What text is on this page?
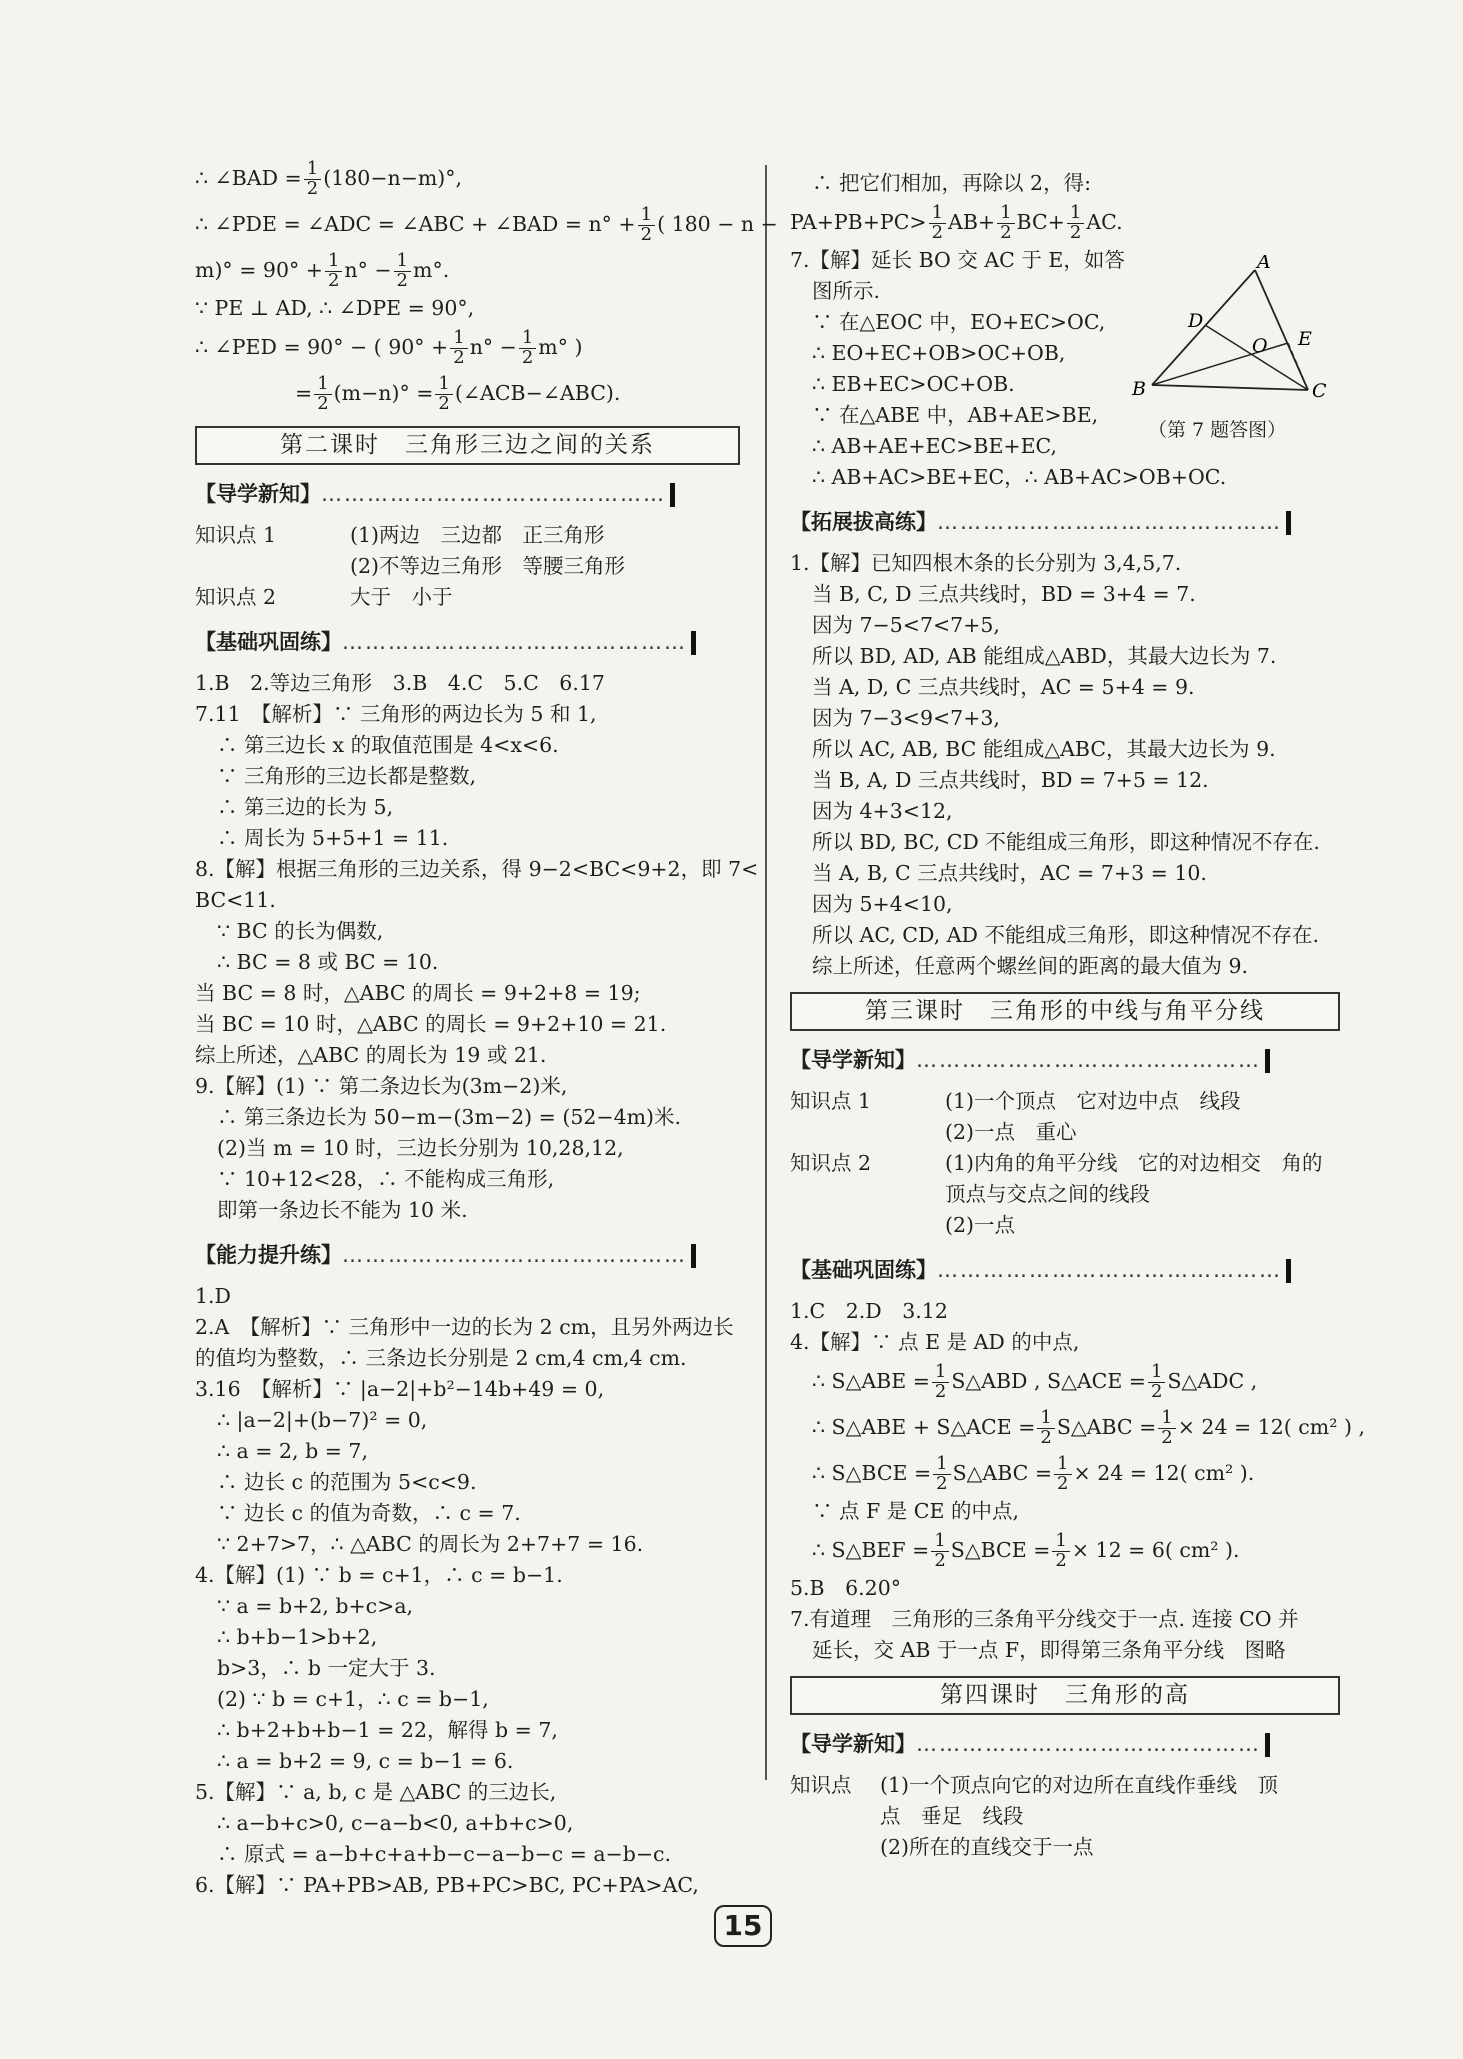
∴ ∠BAD = $\frac{1}{2} (180-n-m)^\circ$,
∴ ∠PDE = ∠ADC = ∠ABC + ∠BAD = $n^\circ + \frac{1}{2}$ ( 180 − n −
$m)^\circ = 90^\circ + \frac{1}{2} n^\circ - \frac{1}{2} m^\circ$.
∵ PE ⊥ AD, ∴ ∠DPE = 90°,
∴ ∠PED = 90° − ( $90^\circ + \frac{1}{2} n^\circ - \frac{1}{2} m^\circ$ )
= $\frac{1}{2} (m-n)^\circ = \frac{1}{2}$ (∠ACB−∠ABC).
第二课时　三角形三边之间的关系
【导学新知】………………………………………
知识点 1	(1)两边　三边都　正三角形
(2)不等边三角形　等腰三角形
知识点 2	大于　小于
【基础巩固练】………………………………………
1.B　2.等边三角形　3.B　4.C　5.C　6.17
7.11　【解析】∵ 三角形的两边长为 5 和 1,
∴ 第三边长 x 的取值范围是 4<x<6.
∵ 三角形的三边长都是整数,
∴ 第三边的长为 5,
∴ 周长为 5+5+1 = 11.
8.【解】根据三角形的三边关系，得 9−2<BC<9+2，即 7<
BC<11.
∵ BC 的长为偶数,
∴ BC = 8 或 BC = 10.
当 BC = 8 时，△ABC 的周长 = 9+2+8 = 19;
当 BC = 10 时，△ABC 的周长 = 9+2+10 = 21.
综上所述，△ABC 的周长为 19 或 21.
9.【解】(1) ∵ 第二条边长为(3m−2)米,
∴ 第三条边长为 50−m−(3m−2) = (52−4m)米.
(2)当 m = 10 时，三边长分别为 10,28,12,
∵ 10+12<28，∴ 不能构成三角形,
即第一条边长不能为 10 米.
【能力提升练】………………………………………
1.D
2.A　【解析】∵ 三角形中一边的长为 2 cm，且另外两边长
的值均为整数，∴ 三条边长分别是 2 cm,4 cm,4 cm.
3.16　【解析】∵ |a−2|+b²−14b+49 = 0,
∴ |a−2|+(b−7)² = 0,
∴ a = 2, b = 7,
∴ 边长 c 的范围为 5<c<9.
∵ 边长 c 的值为奇数，∴ c = 7.
∵ 2+7>7，∴ △ABC 的周长为 2+7+7 = 16.
4.【解】(1) ∵ b = c+1，∴ c = b−1.
∵ a = b+2, b+c>a,
∴ b+b−1>b+2,
b>3，∴ b 一定大于 3.
(2) ∵ b = c+1，∴ c = b−1,
∴ b+2+b+b−1 = 22，解得 b = 7,
∴ a = b+2 = 9, c = b−1 = 6.
5.【解】∵ a, b, c 是 △ABC 的三边长,
∴ a−b+c>0, c−a−b<0, a+b+c>0,
∴ 原式 = a−b+c+a+b−c−a−b−c = a−b−c.
6.【解】∵ PA+PB>AB, PB+PC>BC, PC+PA>AC,
∴ 把它们相加，再除以 2，得:
$PA+PB+PC> \frac{1}{2} AB+ \frac{1}{2} BC+ \frac{1}{2}$ AC.
7.【解】延长 BO 交 AC 于 E，如答
图所示.
∵ 在△EOC 中，EO+EC>OC,
∴ EO+EC+OB>OC+OB,
∴ EB+EC>OC+OB.
∵ 在△ABE 中，AB+AE>BE,
∴ AB+AE+EC>BE+EC,
∴ AB+AC>BE+EC，∴ AB+AC>OB+OC.
【拓展拔高练】………………………………………
1.【解】已知四根木条的长分别为 3,4,5,7.
当 B, C, D 三点共线时，BD = 3+4 = 7.
因为 7−5<7<7+5,
所以 BD, AD, AB 能组成△ABD，其最大边长为 7.
当 A, D, C 三点共线时，AC = 5+4 = 9.
因为 7−3<9<7+3,
所以 AC, AB, BC 能组成△ABC，其最大边长为 9.
当 B, A, D 三点共线时，BD = 7+5 = 12.
因为 4+3<12,
所以 BD, BC, CD 不能组成三角形，即这种情况不存在.
当 A, B, C 三点共线时，AC = 7+3 = 10.
因为 5+4<10,
所以 AC, CD, AD 不能组成三角形，即这种情况不存在.
综上所述，任意两个螺丝间的距离的最大值为 9.
第三课时　三角形的中线与角平分线
【导学新知】………………………………………
知识点 1	(1)一个顶点　它对边中点　线段
(2)一点　重心
知识点 2	(1)内角的角平分线　它的对边相交　角的
顶点与交点之间的线段
(2)一点
【基础巩固练】………………………………………
1.C　2.D　3.12
4.【解】∵ 点 E 是 AD 的中点,
∴ S△ABE = $\frac{1}{2}$ S△ABD , S△ACE = $\frac{1}{2}$ S△ADC ,
∴ S△ABE + S△ACE = $\frac{1}{2}$ S△ABC = $\frac{1}{2} \times 24 = 12$( cm² ) ,
∴ S△BCE = $\frac{1}{2}$ S△ABC = $\frac{1}{2} \times 24 = 12$( cm² ).
∵ 点 F 是 CE 的中点,
∴ S△BEF = $\frac{1}{2}$ S△BCE = $\frac{1}{2} \times 12 = 6$( cm² ).
5.B　6.20°
7.有道理　三角形的三条角平分线交于一点. 连接 CO 并
延长，交 AB 于一点 F，即得第三条角平分线　图略
第四课时　三角形的高
【导学新知】………………………………………
知识点	(1)一个顶点向它的对边所在直线作垂线　顶
点　垂足　线段
(2)所在的直线交于一点
A
B	C
D
E
O
（第 7 题答图）
15
